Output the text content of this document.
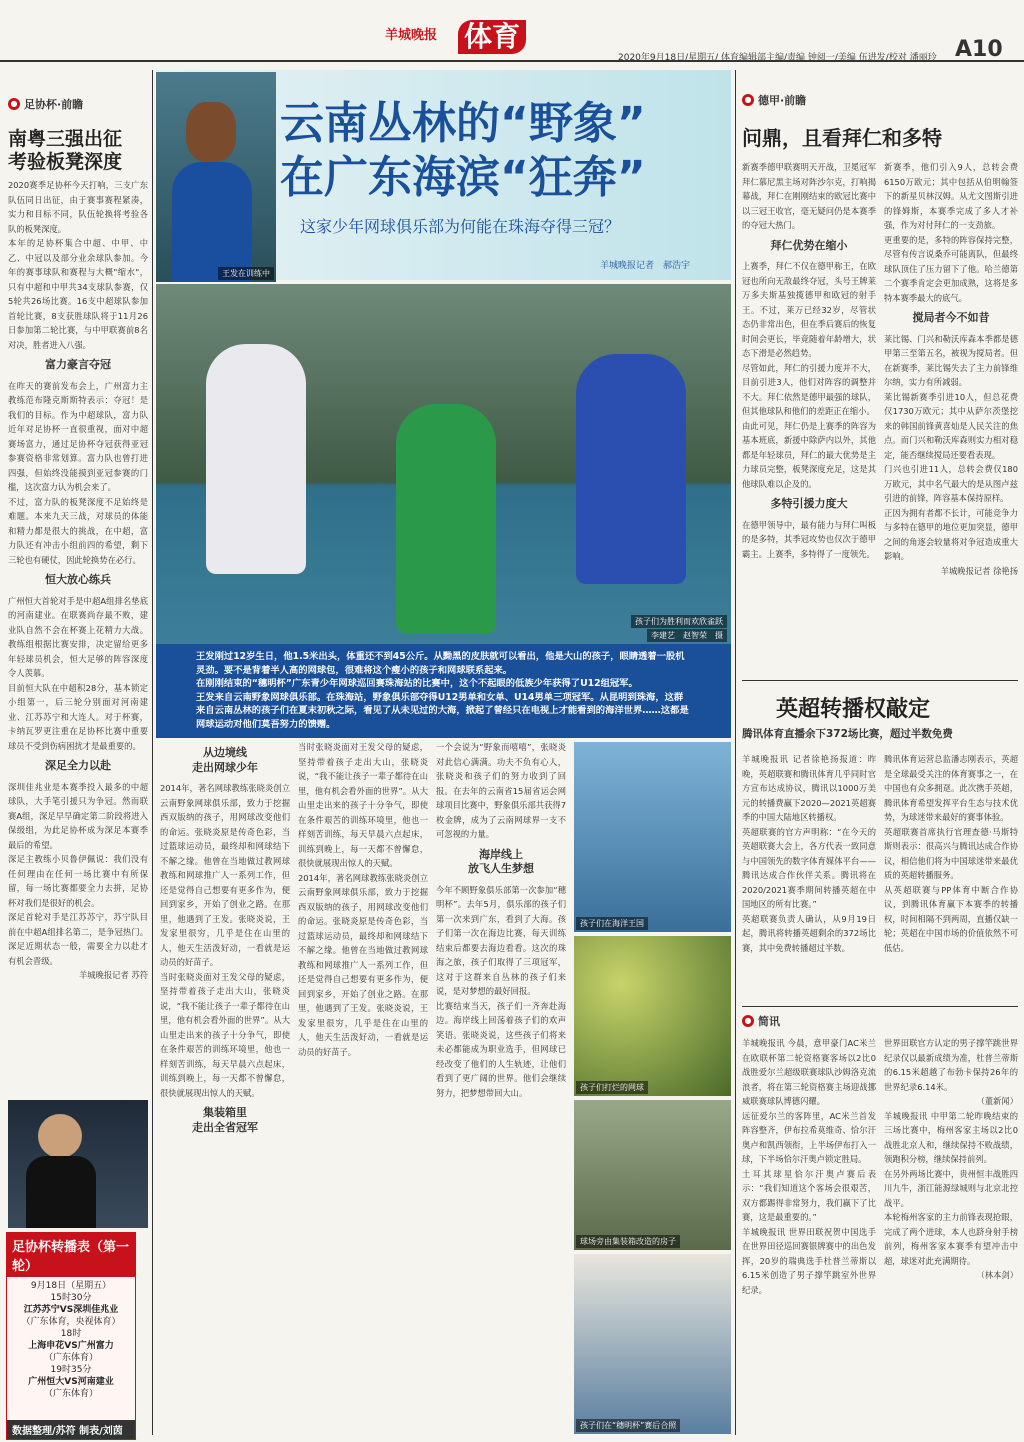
羊城晚报 体育
2020年9月18日/星期五/ 体育编辑部主编/责编 钟阅一/美编 伍进发/校对 潘丽玲 A10
● 足协杯·前瞻
南粤三强出征
考验板凳深度

2020赛季足协杯今天打响，三支广东队伍同日出征，由于赛事赛程紧凑，实力和目标不同，队伍轮换将考验各队的板凳深度。

本年的足协杯集合中超、中甲、中乙、中冠以及部分业余球队参加。今年的赛事球队和赛程与大概"缩水"，只有中超和中甲共34支球队参赛，仅5轮共26场比赛。16支中超球队参加首轮比赛，8支获胜球队将于11月26日参加第二轮比赛，与中甲联赛前8名对决，胜者进入八强。

富力豪言夺冠

在昨天的赛前发布会上，广州富力主教练范布隆克斯斯特表示：夺冠！是我们的目标。作为中超球队，富力队近年对足协杯一直很重视，面对中超赛场富力，通过足协杯夺冠获得亚冠参赛资格非常划算。富力队也曾打进四强，但始终没能摸到亚冠参赛的门槛，这次富力认为机会来了。

不过，富力队的板凳深度不足始终是难题。本来九天三战，对球员的体能和精力都是很大的挑战，在中超，富力队还有冲击小组前四的希望，剩下三轮也有硬仗，因此轮换势在必行。

恒大放心练兵

广州恒大首轮对手是中超A组排名垫底的河南建业。在联赛尚存最不败，建业队自然不会在杯赛上花精力大战。教练组根据比赛安排，决定留给更多年轻球员机会，恒大足够的阵容深度令人羡慕。

目前恒大队在中超积28分，基本锁定小组第一，后三轮分别面对河南建业、江苏苏宁和大连人。对于杯赛，卡纳瓦罗更注重在足协杯比赛中重要球员不受到伤病困扰才是最重要的。

深足全力以赴

深圳佳兆业是本赛季投入最多的中超球队，大手笔引援只为争冠。然而联赛A组，深足早早确定第二阶段将进入保级组，为此足协杯成为深足本赛季最后的希望。

深足主教练小贝鲁伊佩说：我们没有任何理由在任何一场比赛中有所保留，每一场比赛都要全力去拼，足协杯对我们是很好的机会。

深足首轮对手是江苏苏宁，苏宁队目前在中超A组排名第二，是争冠热门。深足近期状态一般，需要全力以赴才有机会晋级。

羊城晚报记者 苏符

足协杯转播表（第一轮）
9月18日（星期五）
15时30分
江苏苏宁VS深圳佳兆业
（广东体育，央视体育）
18时
上海申花VS广州富力
（广东体育）
19时35分
广州恒大VS河南建业
（广东体育）
数据整理/苏符 制表/刘茵
王发在训练中
云南丛林的“野象”
在广东海滨“狂奔”
这家少年网球俱乐部为何能在珠海夺得三冠？
羊城晚报记者　郝浩宇
孩子们为胜利而欢欣雀跃
李建艺　赵智荣　摄

王发刚过12岁生日，他1.5米出头，体重还不到45公斤。从黝黑的皮肤就可以看出，他是大山的孩子，眼睛透着一股机灵劲。要不是背着半人高的网球包，很难将这个瘦小的孩子和网球联系起来。

在刚刚结束的“穗明杯”广东青少年网球巡回赛珠海站的比赛中，这个不起眼的低族少年获得了U12组冠军。

王发来自云南野象网球俱乐部。在珠海站，野象俱乐部夺得U12男单和女单、U14男单三项冠军。从昆明到珠海，这群来自云南丛林的孩子们在夏末初秋之际，看见了从未见过的大海，掀起了曾经只在电视上才能看到的海洋世界……这都是网球运动对他们莫吾努力的馈赠。

从边境线
走出网球少年

2014年，著名网球教练张晓炎创立云南野象网球俱乐部，致力于挖掘西双版纳的孩子，用网球改变他们的命运。张晓炎原是传奇色彩，当过篮球运动员，最终却和网球结下不解之缘。他曾在当地做过教网球教练和网球推广人一系列工作，但还是觉得自己想要有更多作为，便回到家乡，开始了创业之路。在那里，他遇到了王发。张晓炎说，王发家里很穷，几乎是住在山里的人，他天生活泼好动，一看就是运动员的好苗子。

当时张晓炎面对王发父母的疑虑，坚持带着孩子走出大山，张晓炎说，“我不能让孩子一辈子都待在山里，他有机会看外面的世界”。从大山里走出来的孩子十分争气，即使在条件艰苦的训练环境里，他也一样刻苦训练，每天早晨六点起床，训练到晚上，每一天都不曾懈怠，很快就展现出惊人的天赋。

集装箱里
走出全省冠军

当时张晓炎面对王发父母的疑虑，坚持带着孩子走出大山，张晓炎说，“我不能让孩子一辈子都待在山里，他有机会看外面的世界”。从大山里走出来的孩子十分争气，即使在条件艰苦的训练环境里，他也一样刻苦训练，每天早晨六点起床，训练到晚上，每一天都不曾懈怠，很快就展现出惊人的天赋。

2014年，著名网球教练张晓炎创立云南野象网球俱乐部，致力于挖掘西双版纳的孩子，用网球改变他们的命运。张晓炎原是传奇色彩，当过篮球运动员，最终却和网球结下不解之缘。他曾在当地做过教网球教练和网球推广人一系列工作，但还是觉得自己想要有更多作为，便回到家乡，开始了创业之路。在那里，他遇到了王发。张晓炎说，王发家里很穷，几乎是住在山里的人，他天生活泼好动，一看就是运动员的好苗子。

一个会说为“野象而嘻嘻”，张晓炎对此信心满满。功夫不负有心人，张晓炎和孩子们的努力收到了回报。在去年的云南省15届省运会网球项目比赛中，野象俱乐部共获得7枚金牌，成为了云南网球界一支不可忽视的力量。

海岸线上
放飞人生梦想

今年不顾野象俱乐部第一次参加“穗明杯”。去年5月，俱乐部的孩子们第一次来到广东，看到了大海。孩子们第一次在海边比赛，每天训练结束后都要去海边看看。这次的珠海之旅，孩子们取得了三项冠军，这对于这群来自丛林的孩子们来说，是对梦想的最好回报。

比赛结束当天，孩子们一齐奔赴海边。海岸线上回荡着孩子们的欢声笑语。张晓炎说，这些孩子们将来未必都能成为职业选手，但网球已经改变了他们的人生轨迹，让他们看到了更广阔的世界。他们会继续努力，把梦想带回大山。

孩子们在海洋王国
孩子们打烂的网球
球场旁由集装箱改造的房子
孩子们在“穗明杯”赛后合照
● 德甲·前瞻
问鼎，且看拜仁和多特

新赛季德甲联赛明天开战，卫冕冠军拜仁慕尼黑主场对阵沙尔克，打响揭幕战，拜仁在刚刚结束的欧冠比赛中以三冠王收官，毫无疑问仍是本赛季的夺冠大热门。

拜仁优势在缩小

上赛季，拜仁不仅在德甲称王，在欧冠也所向无敌最终夺冠，头号王牌莱万多夫斯基独揽德甲和欧冠的射手王。不过，莱万已经32岁，尽管状态仍非常出色，但在季后赛后的恢复时间会更长，毕竟随着年龄增大，状态下滑是必然趋势。

尽管如此，拜仁的引援力度并不大，目前引进3人，他们对阵容的调整并不大。拜仁依然是德甲最强的球队，但其他球队和他们的差距正在缩小。

由此可见，拜仁仍是上赛季的阵容为基本班底，新援中除萨内以外，其他都是年轻球员，拜仁的最大优势是主力球员完整，板凳深度充足，这是其他球队难以企及的。

多特引援力度大

在德甲领导中，最有能力与拜仁叫板的是多特，其季冠攻势也仅次于德甲霸主。上赛季，多特得了一度领先。

新赛季，他们引入9人，总转会费6150万欧元；其中包括从伯明翰签下的新星贝林汉姆。从尤文图斯引进的锋姆斯，本赛季完成了多人才补强，作为对付拜仁的一支劲旅。

更重要的是，多特的阵容保持完整，尽管有传言说桑乔可能离队，但最终球队顶住了压力留下了他。哈兰德第二个赛季肯定会更加成熟，这将是多特本赛季最大的底气。

搅局者今不如昔

莱比锡、门兴和勒沃库森本季都是德甲第三至第五名，被视为搅局者。但在新赛季，莱比锡失去了主力前锋维尔纳，实力有所减弱。

莱比锡新赛季引进10人，但总花费仅1730万欧元；其中从萨尔茨堡挖来的韩国前锋黄喜灿是人民关注的焦点。而门兴和勒沃库森则实力相对稳定，能否继续搅局还要看表现。

门兴也引进11人，总转会费仅180万欧元，其中名气最大的是从图卢兹引进的前锋，阵容基本保持原样。

正因为拥有者都不长计，可能竞争力与多特在德甲的地位更加突显，德甲之间的角逐会较量将对争冠造成重大影响。

羊城晚报记者 徐艳扬

英超转播权敲定
腾讯体育直播余下372场比赛，超过半数免费

羊城晚报讯 记者徐艳扬报道：昨晚，英超联赛和腾讯体育几乎同时官方宣布达成协议，腾讯以1000万美元的转播费赢下2020—2021英超赛季的中国大陆地区转播权。

英超联赛的官方声明称：“在今天的英超联赛大会上，各方代表一致同意与中国领先的数字体育媒体平台——腾讯达成合作伙伴关系。腾讯将在2020/2021赛季期间转播英超在中国地区的所有比赛。”

英超联赛负责人确认，从9月19日起，腾讯将转播英超剩余的372场比赛，其中免费转播超过半数。

腾讯体育运营总监潘志刚表示，英超是全球最受关注的体育赛事之一，在中国也有众多拥趸。此次携手英超，腾讯体育希望发挥平台生态与技术优势，为球迷带来最好的赛事体验。

英超联赛首席执行官理查德·马斯特斯则表示：很高兴与腾讯达成合作协议，相信他们将为中国球迷带来最优质的英超转播服务。

从英超联赛与PP体育中断合作协议，到腾讯体育赢下本赛季的转播权，时间相隔不到两周，直播仅缺一轮；英超在中国市场的价值依然不可低估。

● 简讯

羊城晚报讯 今晨，意甲豪门AC米兰在欧联杯第二轮资格赛客场以2比0战胜爱尔兰超级联赛球队沙姆洛克流浪者，将在第三轮资格赛主场迎战挪威联赛球队博德闪耀。

远征爱尔兰的客阵里，AC米兰首发阵容整齐，伊布拉希莫维奇、恰尔汗奥卢和凯西领衔，上半场伊布打入一球，下半场恰尔汗奥卢锁定胜局。

土耳其球星恰尔汗奥卢赛后表示：“我们知道这个客场会很艰苦，双方都踢得非常努力，我们赢下了比赛，这是最重要的。”

羊城晚报讯 世界田联祝贺中国选手在世界田径巡回赛银牌赛中的出色发挥，20岁的瑞典选手杜普兰蒂斯以6.15米创造了男子撑竿跳室外世界纪录。

世界田联官方认定的男子撑竿跳世界纪录仅以最新成绩为准，杜普兰蒂斯的6.15米超越了布勃卡保持26年的世界纪录6.14米。

（董新闻）

羊城晚报讯 中甲第二轮昨晚结束的三场比赛中，梅州客家主场以2比0战胜北京人和，继续保持不败战绩，领跑积分榜，继续保持前列。

在另外两场比赛中，贵州恒丰战胜四川九牛，浙江能源绿城则与北京北控战平。

本轮梅州客家的主力前锋表现抢眼，完成了两个进球，本人也跻身射手榜前列，梅州客家本赛季有望冲击中超，球迷对此充满期待。

（林本剑）
